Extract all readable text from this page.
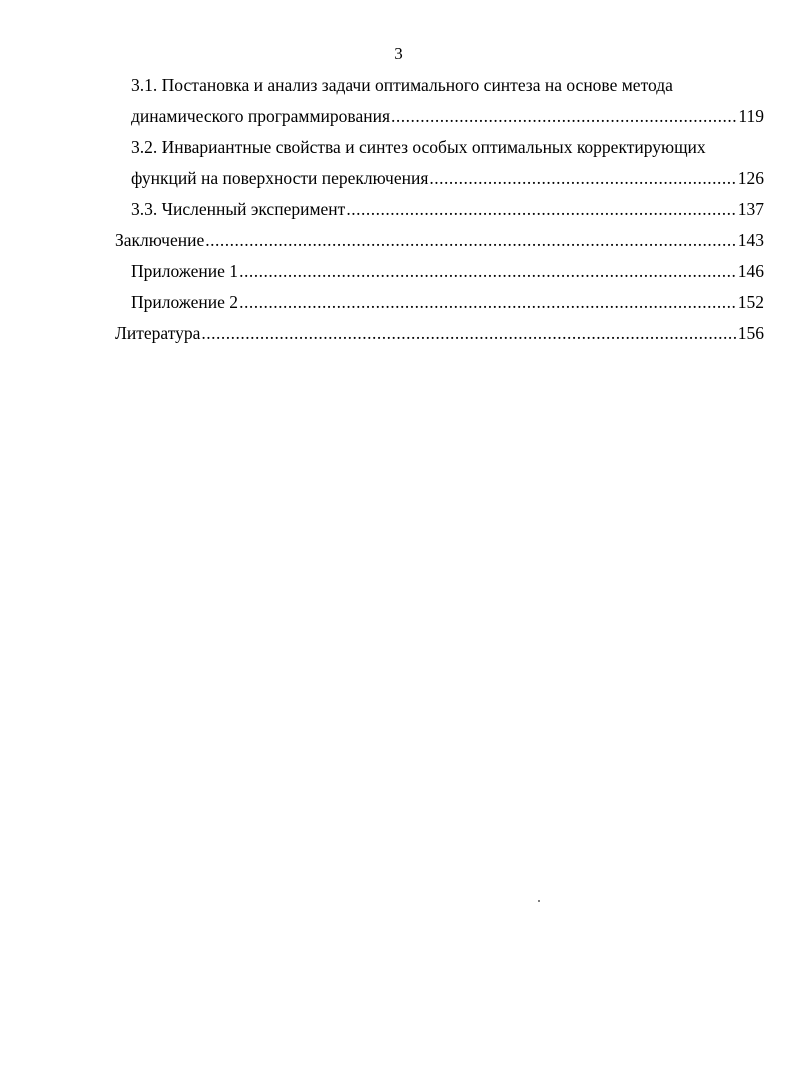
3
3.1. Постановка и анализ задачи оптимального синтеза на основе метода
динамического программирования .....	119
3.2. Инвариантные свойства и синтез особых оптимальных корректирующих
функций на поверхности переключения .....	126
3.3. Численный эксперимент .....	137
Заключение .....	143
Приложение 1 .....	146
Приложение 2 .....	152
Литература .....	156
